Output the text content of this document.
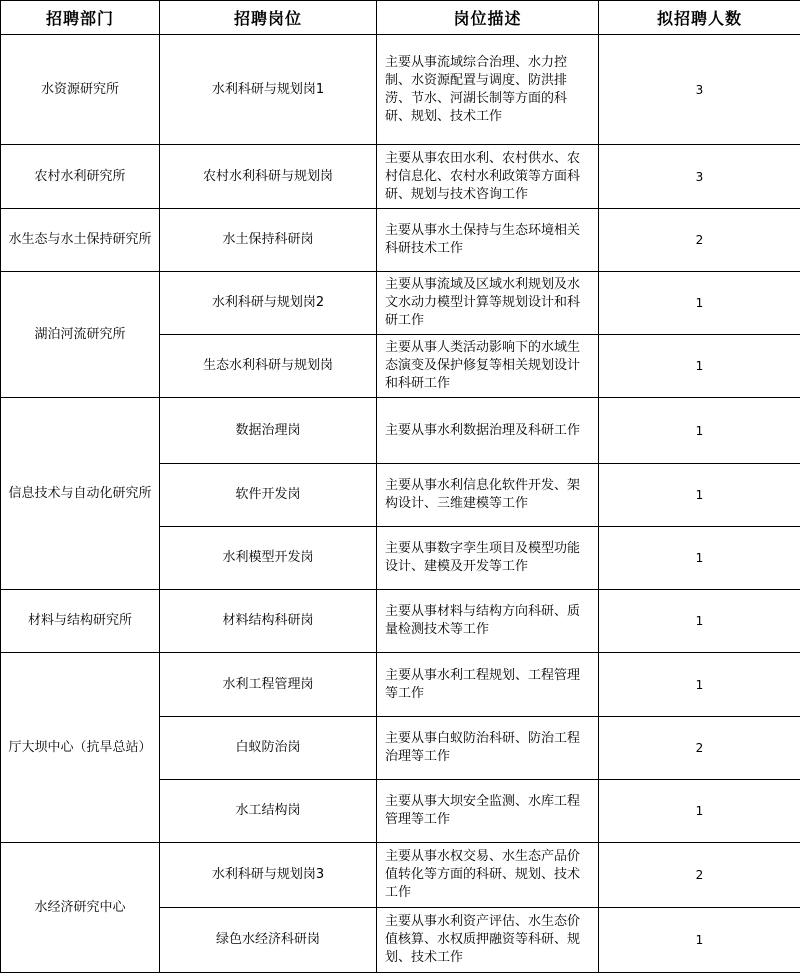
招聘部门	招聘岗位	岗位描述	拟招聘人数
水资源研究所	水利科研与规划岗1	主要从事流域综合治理、水力控制、水资源配置与调度、防洪排涝、节水、河湖长制等方面的科研、规划、技术工作	3
农村水利研究所	农村水利科研与规划岗	主要从事农田水利、农村供水、农村信息化、农村水利政策等方面科研、规划与技术咨询工作	3
水生态与水土保持研究所	水土保持科研岗	主要从事水土保持与生态环境相关科研技术工作	2
湖泊河流研究所	水利科研与规划岗2	主要从事流域及区域水利规划及水文水动力模型计算等规划设计和科研工作	1
	生态水利科研与规划岗	主要从事人类活动影响下的水域生态演变及保护修复等相关规划设计和科研工作	1
信息技术与自动化研究所	数据治理岗	主要从事水利数据治理及科研工作	1
	软件开发岗	主要从事水利信息化软件开发、架构设计、三维建模等工作	1
	水利模型开发岗	主要从事数字孪生项目及模型功能设计、建模及开发等工作	1
材料与结构研究所	材料结构科研岗	主要从事材料与结构方向科研、质量检测技术等工作	1
厅大坝中心（抗旱总站）	水利工程管理岗	主要从事水利工程规划、工程管理等工作	1
	白蚁防治岗	主要从事白蚁防治科研、防治工程治理等工作	2
	水工结构岗	主要从事大坝安全监测、水库工程管理等工作	1
水经济研究中心	水利科研与规划岗3	主要从事水权交易、水生态产品价值转化等方面的科研、规划、技术工作	2
	绿色水经济科研岗	主要从事水利资产评估、水生态价值核算、水权质押融资等科研、规划、技术工作	1
